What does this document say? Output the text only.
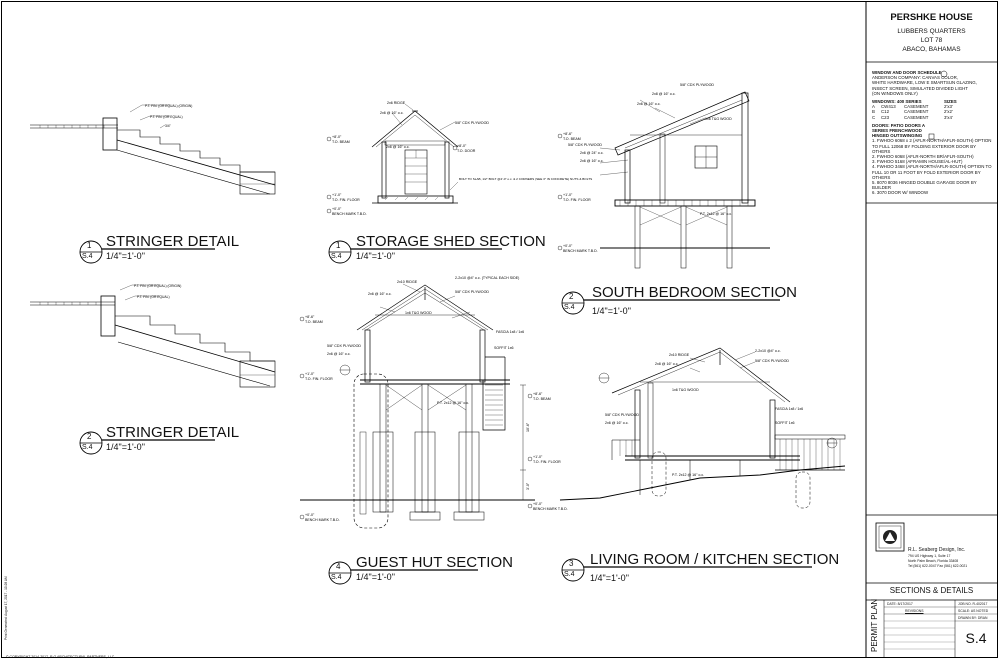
P.T. FIN. (OR EQUAL) (ORIGIN)
P.T. FIN. (OR EQUAL)
3/4"
P.T. FIN. (OR EQUAL) (ORIGIN)
P.T. FIN. (OR EQUAL)
2x6 RIDGE
2x6 @ 16" o.c.
5/8" CDX PLYWOOD
2x6 @ 16" o.c.
BOLT TO SLAB, 1/2" BOLT @4'-0" o.c. & 2 CORNERS (SEE 3" IN CONCRETE) NUTS & BOLTS
+8'-0"
T.O. BEAM
+8'-0"
T.O. DOOR
+1'-0"
T.O. FIN. FLOOR
+0'-0"
BENCH MARK T.B.D.
2x10 RIDGE
2-2x10 @4" o.c. (TYPICAL EACH SIDE)
2x6 @ 16" o.c.	5/8" CDX PLYWOOD
1x6 T&G WOOD
FASCIA 1x8 / 1x6
5/8" CDX PLYWOOD
2x6 @ 16" o.c.
SOFFIT 1x6
P.T. 2x12 @ 16" o.c.
10'-6"
3'-0"
+8'-6"
T.O. BEAM
+1'-0"
T.O. FIN. FLOOR
+0'-0"
BENCH MARK T.B.D.
5/8" CDX PLYWOOD
2x8 @ 16" o.c.
2x6 @ 16" o.c.
1x6 T&G WOOD
5/8" CDX PLYWOOD
2x6 @ 24" o.c.
2x6 @ 16" o.c.
P.T. 2x12 @ 16" o.c.
+8'-6"
T.O. BEAM
+1'-0"
T.O. FIN. FLOOR
+0'-0"
BENCH MARK T.B.D.
2x10 RIDGE
2-2x10 @4" o.c.
2x8 @ 16" o.c.
5/8" CDX PLYWOOD
1x6 T&G WOOD
5/8" CDX PLYWOOD
2x6 @ 16" o.c.
FASCIA 1x8 / 1x6
SOFFIT 1x6
P.T. 2x12 @ 16" o.c.
+8'-6"
T.O. BEAM
+1'-0"
T.O. FIN. FLOOR
+0'-0"
BENCH MARK T.B.D.
1
S.4
STRINGER DETAIL
1/4"=1'-0"
2
S.4
STRINGER DETAIL
1/4"=1'-0"
1
S.4
STORAGE SHED SECTION
1/4"=1'-0"
4
S.4
GUEST HUT SECTION
1/4"=1'-0"
2
S.4
SOUTH BEDROOM SECTION
1/4"=1'-0"
3
S.4
LIVING ROOM / KITCHEN SECTION
1/4"=1'-0"
PERSHKE HOUSE
LUBBERS QUARTERS
LOT 78
ABACO, BAHAMAS
WINDOW AND DOOR SCHEDULE
ANDERSON COMPANY: CANVAS COLOR,
WHITE HARDWARE, LOW E SMARTSUN GLAZING,
INSECT SCREEN, SIMULATED DIVIDED LIGHT
(ON WINDOWS ONLY)
WINDOWS: 400 SERIES	SIZES
A CW413 CASEMENT	2'x3'
B C12	CASEMENT	2'x2'
C C23	CASEMENT	3'x4'
DOORS: PATIO DOORS A SERIES FRENCHWOOD HINGED OUTSWINGING
1. FWHOO 6068 x 2 (AFLR-NORTH/AFLR-SOUTH) OPTION TO FULL 12068 BY FOLDING EXTERIOR DOOR BY OTHERS
2. FWHOO 6068 (AFLR-NORTH BR/AFLR-SOUTH)
3. FWHOO 5168 (AFRAMIN HOUSE/AL-HUT)
4. FWHOO 3468 (AFLR-NORTH/AFLR-SOUTH) OPTION TO FULL 10 OR 11 FOOT BY FOLD EXTERIOR DOOR BY OTHERS
5. 8070 8036 HINGED DOUBLE GARAGE DOOR BY BUILDER
6. 3070 DOOR W/ WINDOW
R.L. Seaberg Design, Inc.
794 US Highway 1, Suite 17
North Palm Beach, Florida 33408
Tel (561) 622-0047 Fax (561) 622-0021
SECTIONS & DETAILS
PERMIT PLAN DATE: 8/17/2017
REVISIONS
JOB NO. R-402017
SCALE: AS NOTED
DRAWN BY: DRAN
S.4
© COPYRIGHT 2014-2017, R G ARCHITECTURAL PARTNERS, LLC
Print Generated: August 17, 2017 - 10:28 AM
